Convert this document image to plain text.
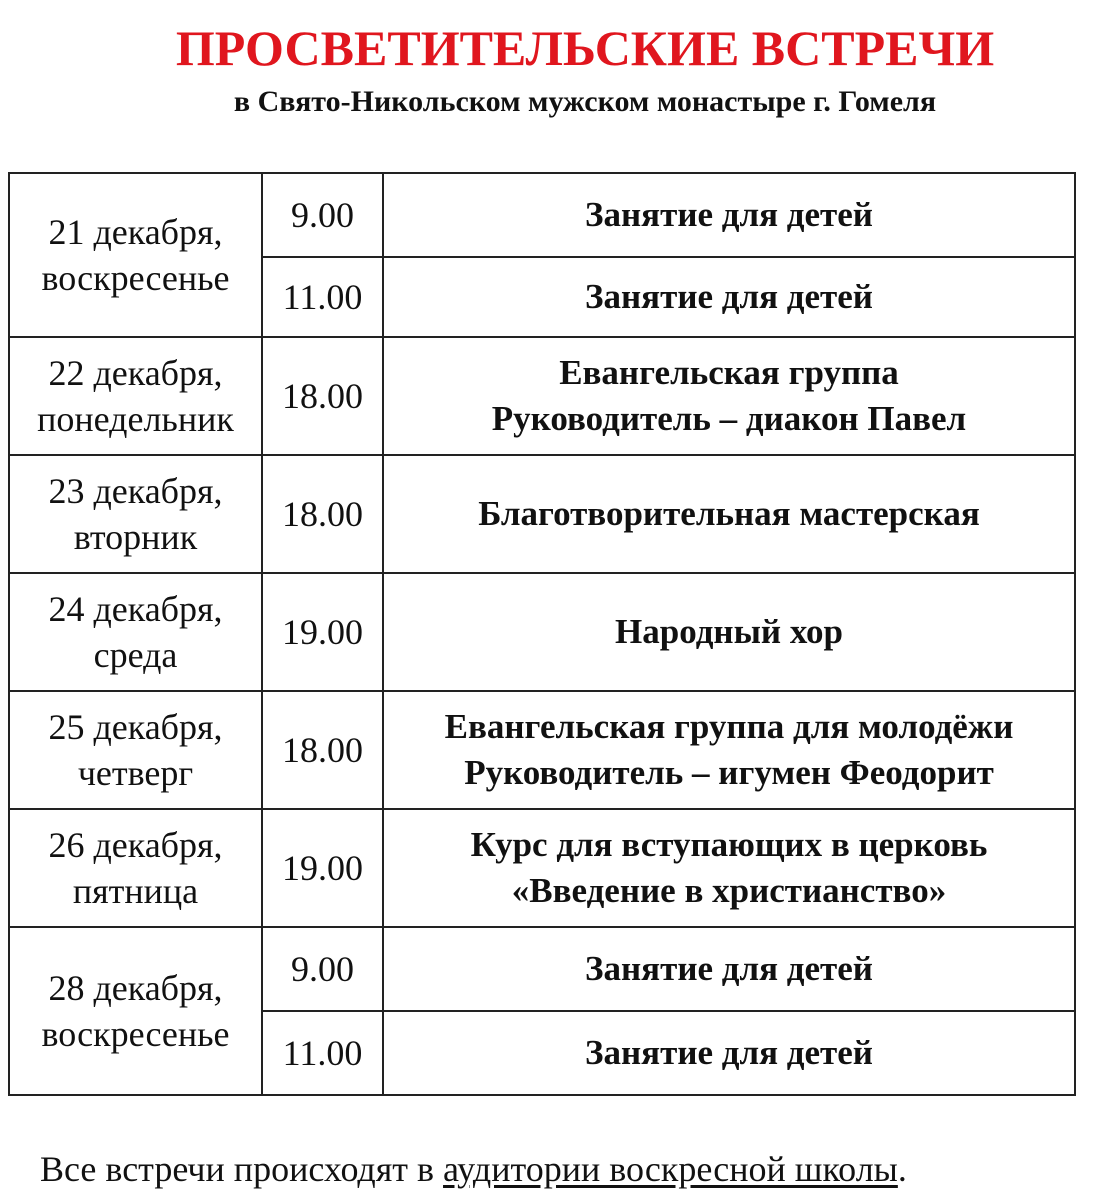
ПРОСВЕТИТЕЛЬСКИЕ ВСТРЕЧИ
в Свято-Никольском мужском монастыре г. Гомеля
21 декабря,
воскресенье	9.00	Занятие для детей

	11.00	Занятие для детей

22 декабря,
понедельник	18.00	Евангельская группа
Руководитель – диакон Павел

23 декабря,
вторник	18.00	Благотворительная мастерская

24 декабря,
среда	19.00	Народный хор

25 декабря,
четверг	18.00	Евангельская группа для молодёжи
Руководитель – игумен Феодорит

26 декабря,
пятница	19.00	Курс для вступающих в церковь
«Введение в христианство»

28 декабря,
воскресенье	9.00	Занятие для детей

	11.00	Занятие для детей
Все встречи происходят в аудитории воскресной школы.
